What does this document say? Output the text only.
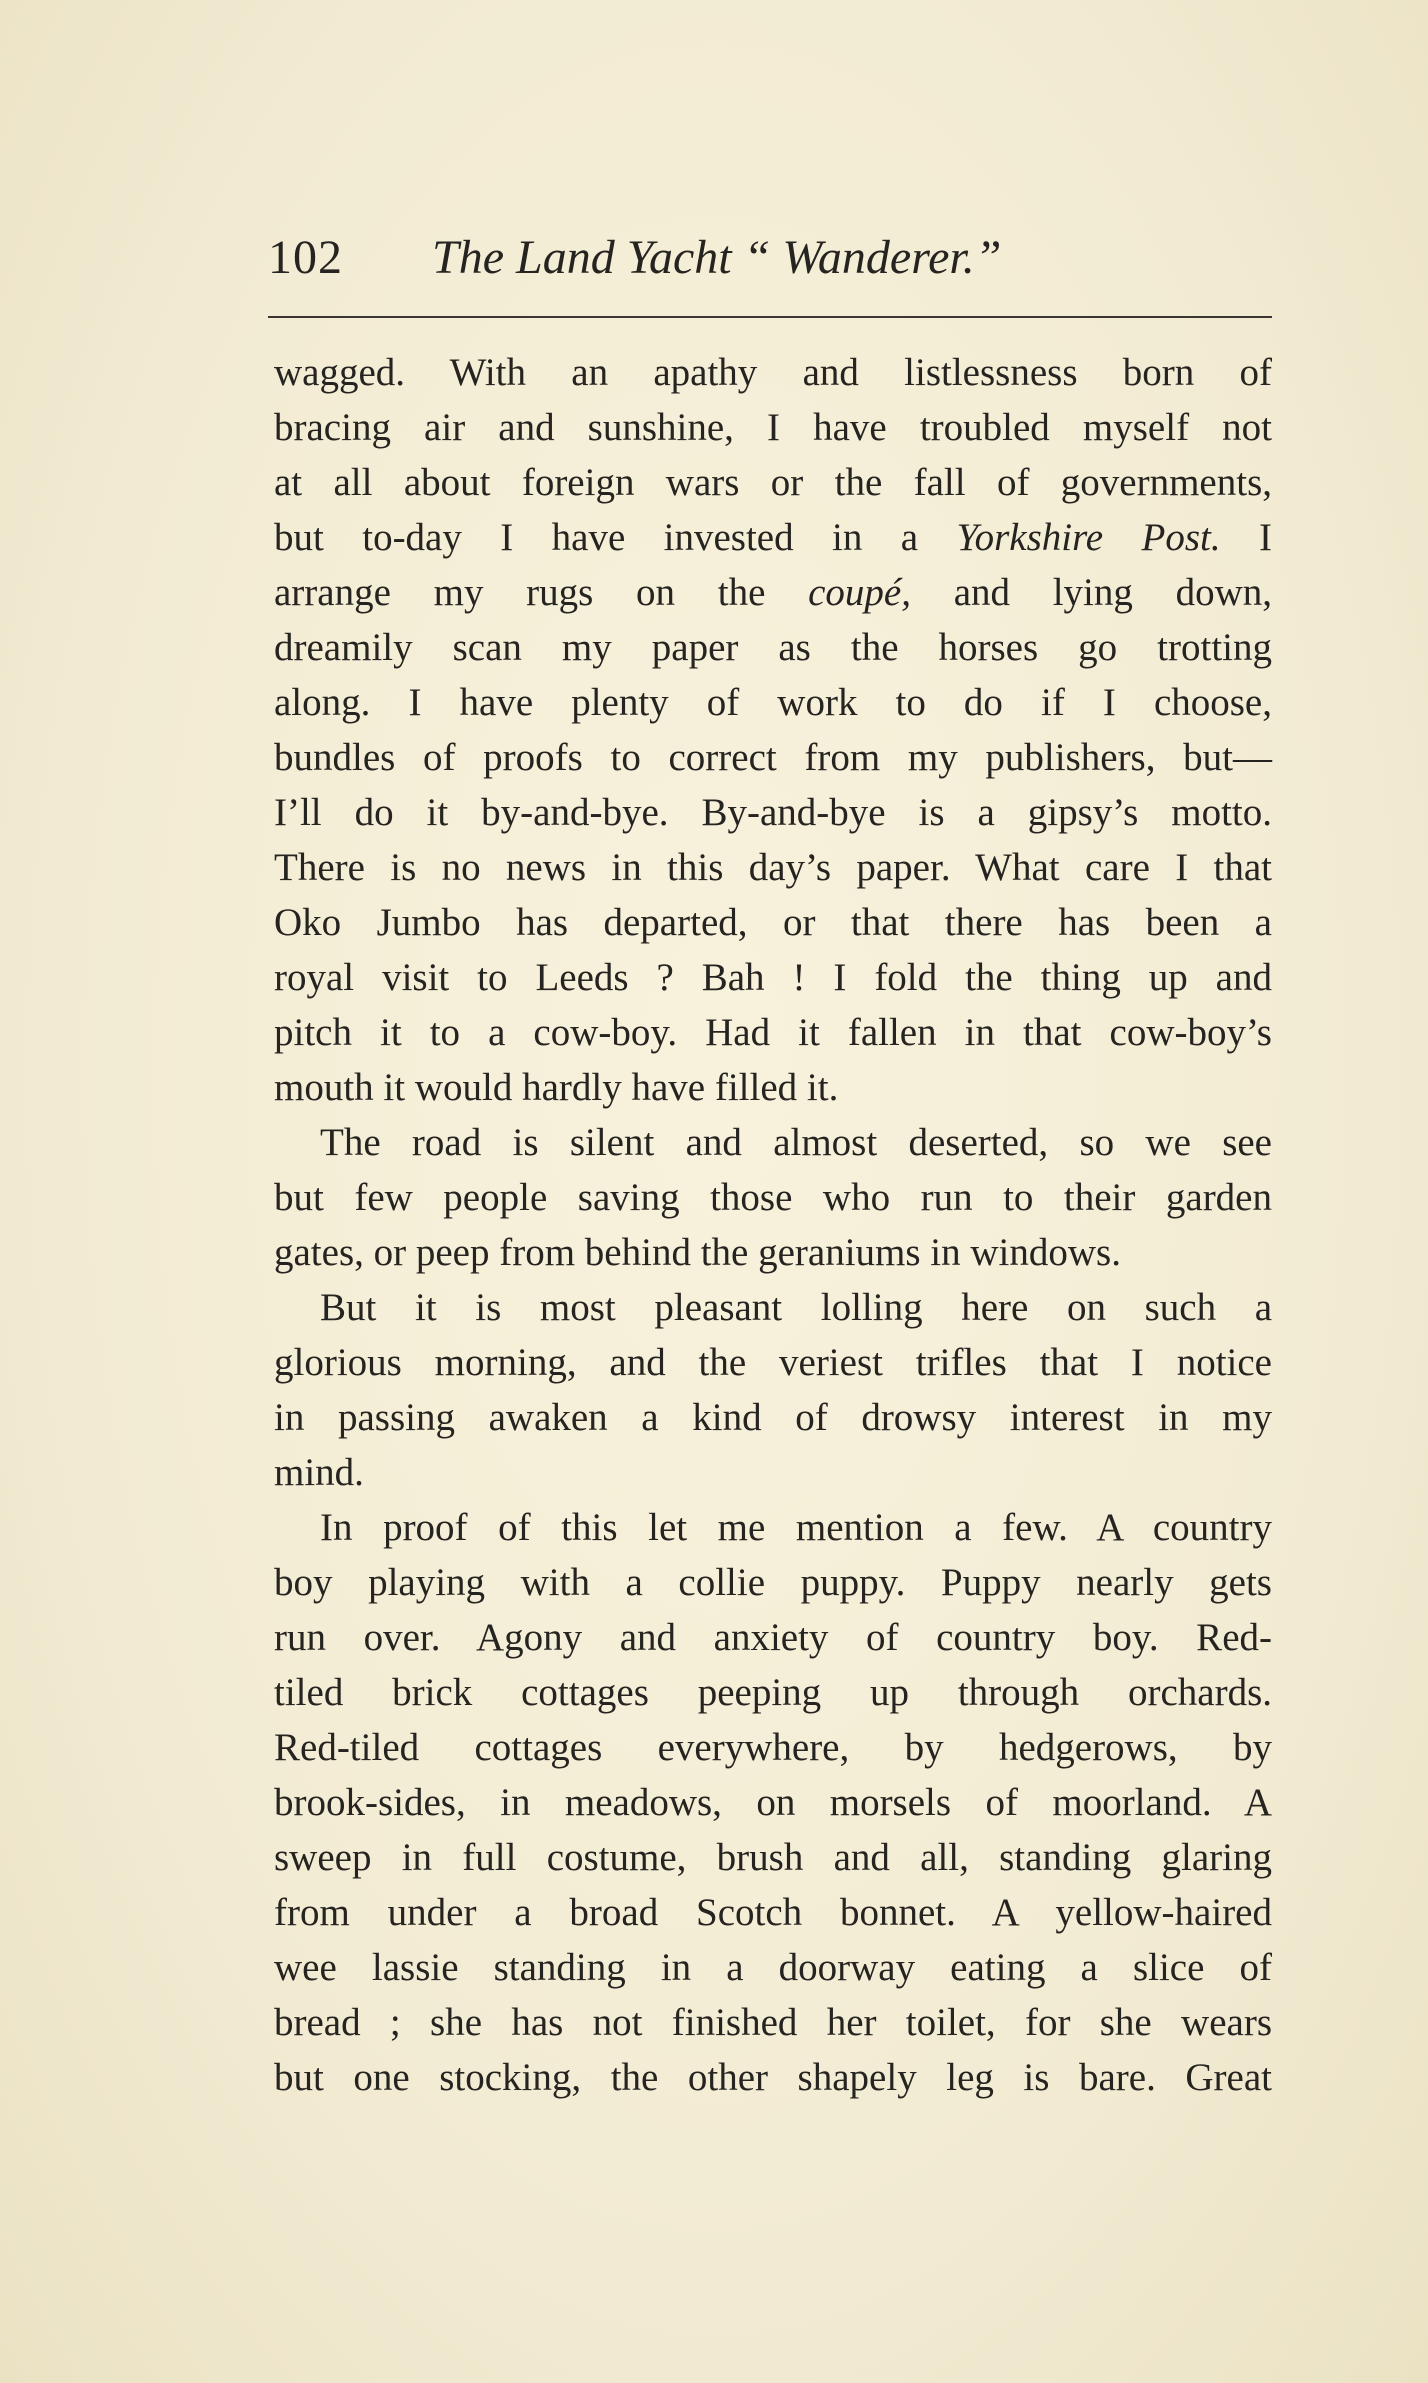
102 The Land Yacht “ Wanderer.”
wagged. With an apathy and listlessness born of
bracing air and sunshine, I have troubled myself not
at all about foreign wars or the fall of governments,
but to-day I have invested in a Yorkshire Post. I
arrange my rugs on the coupé, and lying down,
dreamily scan my paper as the horses go trotting
along. I have plenty of work to do if I choose,
bundles of proofs to correct from my publishers, but—
I’ll do it by-and-bye. By-and-bye is a gipsy’s motto.
There is no news in this day’s paper. What care I that
Oko Jumbo has departed, or that there has been a
royal visit to Leeds ? Bah ! I fold the thing up and
pitch it to a cow-boy. Had it fallen in that cow-boy’s
mouth it would hardly have filled it.
The road is silent and almost deserted, so we see
but few people saving those who run to their garden
gates, or peep from behind the geraniums in windows.
But it is most pleasant lolling here on such a
glorious morning, and the veriest trifles that I notice
in passing awaken a kind of drowsy interest in my
mind.
In proof of this let me mention a few. A country
boy playing with a collie puppy. Puppy nearly gets
run over. Agony and anxiety of country boy. Red-
tiled brick cottages peeping up through orchards.
Red-tiled cottages everywhere, by hedgerows, by
brook-sides, in meadows, on morsels of moorland. A
sweep in full costume, brush and all, standing glaring
from under a broad Scotch bonnet. A yellow-haired
wee lassie standing in a doorway eating a slice of
bread ; she has not finished her toilet, for she wears
but one stocking, the other shapely leg is bare. Great
